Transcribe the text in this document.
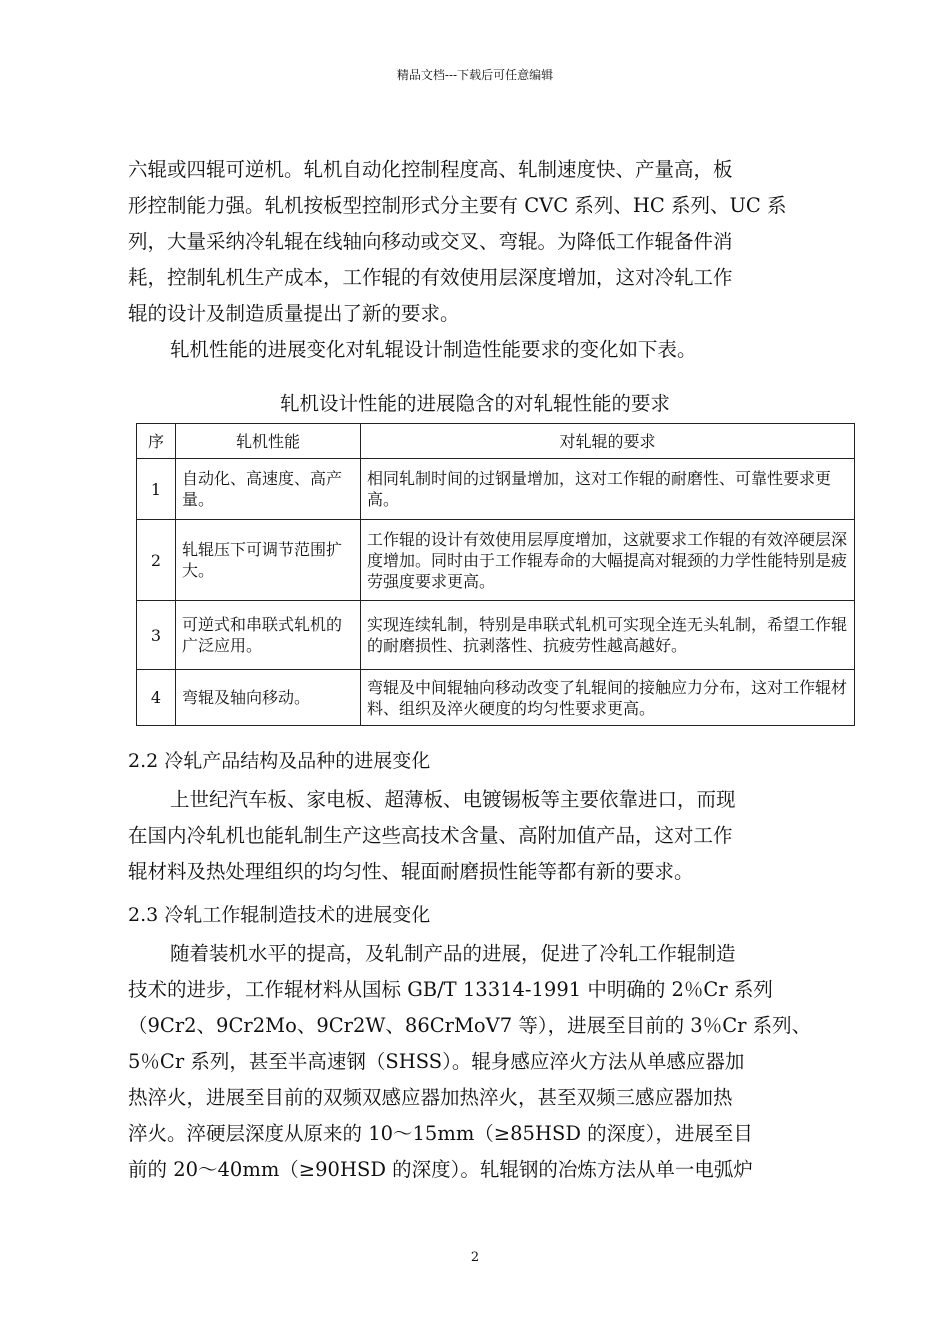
精品文档---下载后可任意编辑
六辊或四辊可逆机。轧机自动化控制程度高、轧制速度快、产量高，板
形控制能力强。轧机按板型控制形式分主要有 CVC 系列、HC 系列、UC 系
列，大量采纳冷轧辊在线轴向移动或交叉、弯辊。为降低工作辊备件消
耗，控制轧机生产成本，工作辊的有效使用层深度增加，这对冷轧工作
辊的设计及制造质量提出了新的要求。
轧机性能的进展变化对轧辊设计制造性能要求的变化如下表。
轧机设计性能的进展隐含的对轧辊性能的要求
序	轧机性能	对轧辊的要求
1	自动化、高速度、高产量。	相同轧制时间的过钢量增加，这对工作辊的耐磨性、可靠性要求更高。
2	轧辊压下可调节范围扩大。	工作辊的设计有效使用层厚度增加，这就要求工作辊的有效淬硬层深度增加。同时由于工作辊寿命的大幅提高对辊颈的力学性能特别是疲劳强度要求更高。
3	可逆式和串联式轧机的广泛应用。	实现连续轧制，特别是串联式轧机可实现全连无头轧制，希望工作辊的耐磨损性、抗剥落性、抗疲劳性越高越好。
4	弯辊及轴向移动。	弯辊及中间辊轴向移动改变了轧辊间的接触应力分布，这对工作辊材料、组织及淬火硬度的均匀性要求更高。
2.2 冷轧产品结构及品种的进展变化
上世纪汽车板、家电板、超薄板、电镀锡板等主要依靠进口，而现
在国内冷轧机也能轧制生产这些高技术含量、高附加值产品，这对工作
辊材料及热处理组织的均匀性、辊面耐磨损性能等都有新的要求。
2.3 冷轧工作辊制造技术的进展变化
随着装机水平的提高，及轧制产品的进展，促进了冷轧工作辊制造
技术的进步，工作辊材料从国标 GB/T 13314-1991 中明确的 2％Cr 系列
（9Cr2、9Cr2Mo、9Cr2W、86CrMoV7 等），进展至目前的 3％Cr 系列、
5％Cr 系列，甚至半高速钢（SHSS）。辊身感应淬火方法从单感应器加
热淬火，进展至目前的双频双感应器加热淬火，甚至双频三感应器加热
淬火。淬硬层深度从原来的 10～15mm（≥85HSD 的深度），进展至目
前的 20～40mm（≥90HSD 的深度）。轧辊钢的冶炼方法从单一电弧炉
2
